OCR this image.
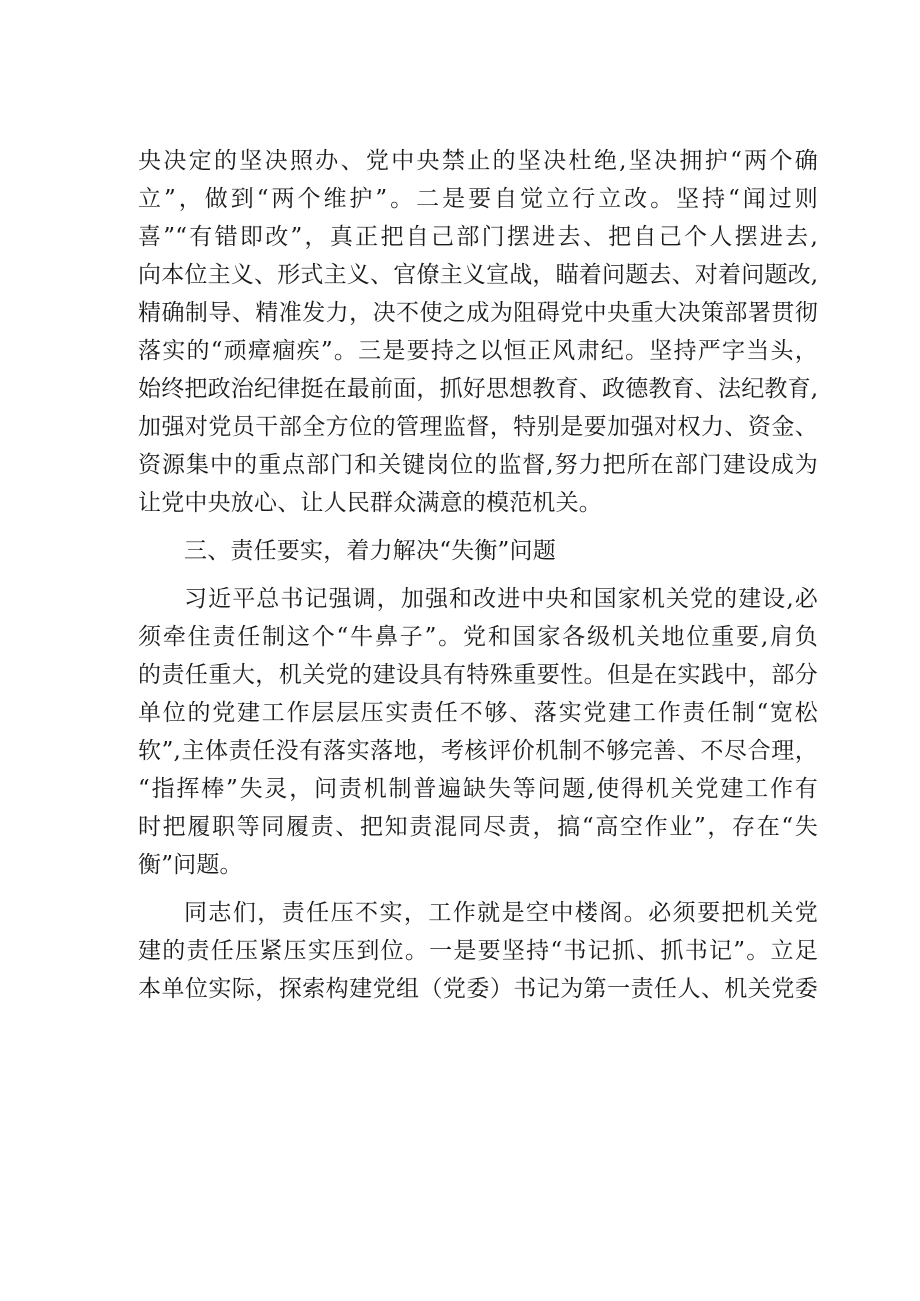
央决定的坚决照办、党中央禁止的坚决杜绝,坚决拥护“两个确
立”，做到“两个维护”。二是要自觉立行立改。坚持“闻过则
喜”“有错即改”，真正把自己部门摆进去、把自己个人摆进去,
向本位主义、形式主义、官僚主义宣战，瞄着问题去、对着问题改,
精确制导、精准发力，决不使之成为阻碍党中央重大决策部署贯彻
落实的“顽瘴痼疾”。三是要持之以恒正风肃纪。坚持严字当头，
始终把政治纪律挺在最前面，抓好思想教育、政德教育、法纪教育,
加强对党员干部全方位的管理监督，特别是要加强对权力、资金、
资源集中的重点部门和关键岗位的监督,努力把所在部门建设成为
让党中央放心、让人民群众满意的模范机关。
三、责任要实，着力解决“失衡”问题
习近平总书记强调，加强和改进中央和国家机关党的建设,必
须牵住责任制这个“牛鼻子”。党和国家各级机关地位重要,肩负
的责任重大，机关党的建设具有特殊重要性。但是在实践中，部分
单位的党建工作层层压实责任不够、落实党建工作责任制“宽松
软”,主体责任没有落实落地，考核评价机制不够完善、不尽合理，
“指挥棒”失灵，问责机制普遍缺失等问题,使得机关党建工作有
时把履职等同履责、把知责混同尽责，搞“高空作业”，存在“失
衡”问题。
同志们，责任压不实，工作就是空中楼阁。必须要把机关党
建的责任压紧压实压到位。一是要坚持“书记抓、抓书记”。立足
本单位实际，探索构建党组（党委）书记为第一责任人、机关党委
